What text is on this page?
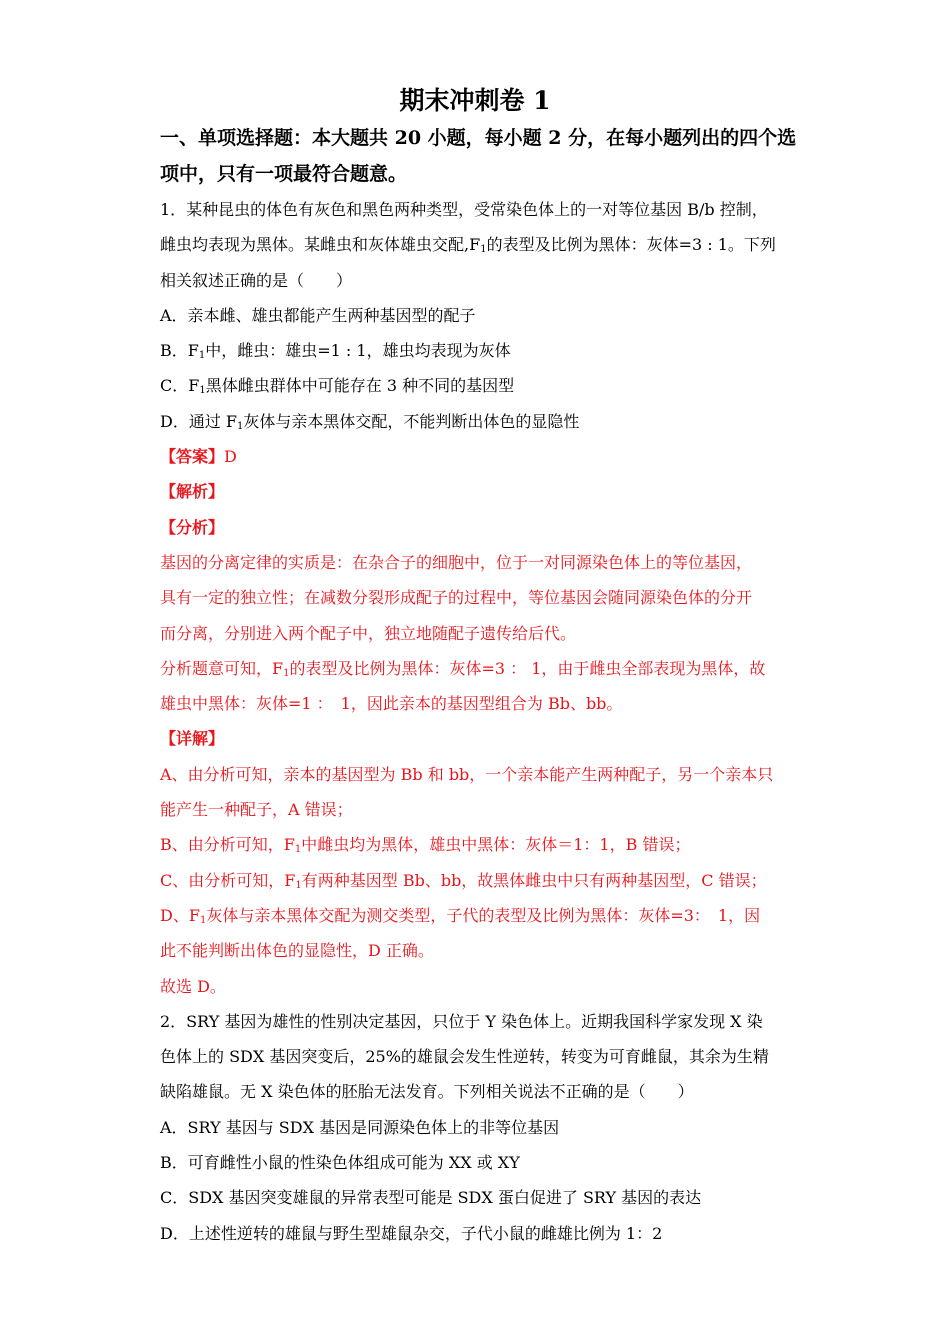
期末冲刺卷 1
一、单项选择题：本大题共 20 小题，每小题 2 分，在每小题列出的四个选
项中，只有一项最符合题意。
1．某种昆虫的体色有灰色和黑色两种类型，受常染色体上的一对等位基因 B/b 控制，
雌虫均表现为黑体。某雌虫和灰体雄虫交配$,F_1$的表型及比例为黑体：灰体=3 : 1。下列
相关叙述正确的是（　　）
A．亲本雌、雄虫都能产生两种基因型的配子
B．$F_1$中，雌虫：雄虫=1 : 1，雄虫均表现为灰体
C．$F_1$黑体雌虫群体中可能存在 3 种不同的基因型
D．通过 $F_1$灰体与亲本黑体交配，不能判断出体色的显隐性
【答案】D
【解析】
【分析】
基因的分离定律的实质是：在杂合子的细胞中，位于一对同源染色体上的等位基因，
具有一定的独立性；在减数分裂形成配子的过程中，等位基因会随同源染色体的分开
而分离，分别进入两个配子中，独立地随配子遗传给后代。
分析题意可知，$F_1$的表型及比例为黑体：灰体=3 ： 1，由于雌虫全部表现为黑体，故
雄虫中黑体：灰体=1 ：　1，因此亲本的基因型组合为 Bb、bb。
【详解】
A、由分析可知，亲本的基因型为 Bb 和 bb，一个亲本能产生两种配子，另一个亲本只
能产生一种配子，A 错误；
B、由分析可知，$F_1$中雌虫均为黑体，雄虫中黑体：灰体＝1：1，B 错误；
C、由分析可知，$F_1$有两种基因型 Bb、bb，故黑体雌虫中只有两种基因型，C 错误；
D、$F_1$灰体与亲本黑体交配为测交类型，子代的表型及比例为黑体：灰体=3：　1，因
此不能判断出体色的显隐性，D 正确。
故选 D。
2．SRY 基因为雄性的性别决定基因，只位于 Y 染色体上。近期我国科学家发现 X 染
色体上的 SDX 基因突变后，25%的雄鼠会发生性逆转，转变为可育雌鼠，其余为生精
缺陷雄鼠。无 X 染色体的胚胎无法发育。下列相关说法不正确的是（　　）
A．SRY 基因与 SDX 基因是同源染色体上的非等位基因
B．可育雌性小鼠的性染色体组成可能为 XX 或 XY
C．SDX 基因突变雄鼠的异常表型可能是 SDX 蛋白促进了 SRY 基因的表达
D．上述性逆转的雄鼠与野生型雄鼠杂交，子代小鼠的雌雄比例为 1：2
